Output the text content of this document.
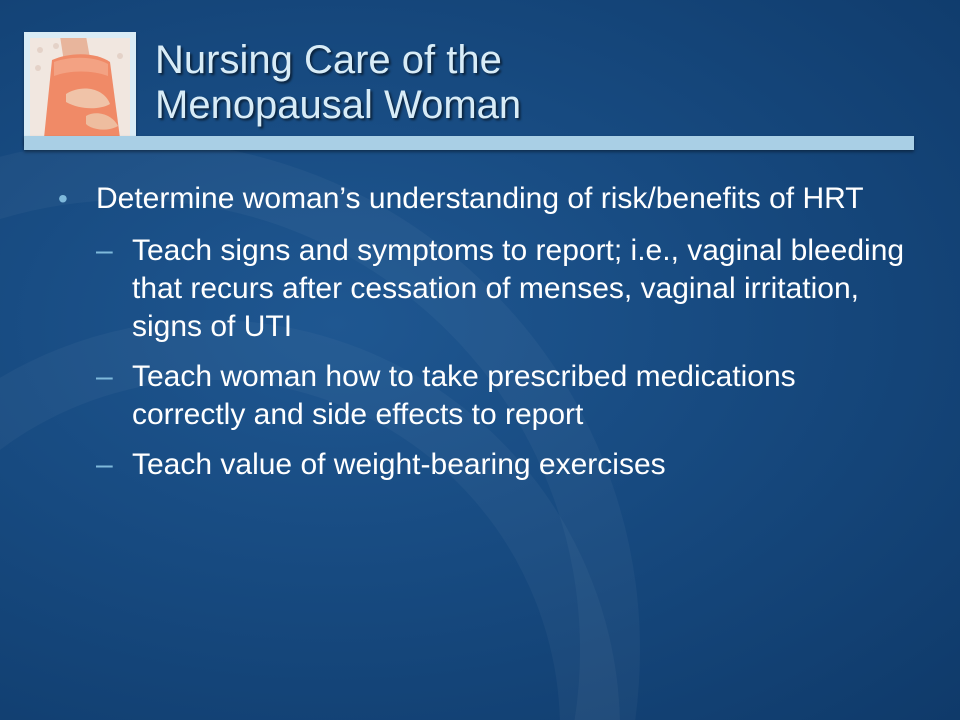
Nursing Care of the
Menopausal Woman
• Determine woman’s understanding of risk/benefits of HRT
– Teach signs and symptoms to report; i.e., vaginal bleeding that recurs after cessation of menses, vaginal irritation, signs of UTI
– Teach woman how to take prescribed medications correctly and side effects to report
– Teach value of weight-bearing exercises
